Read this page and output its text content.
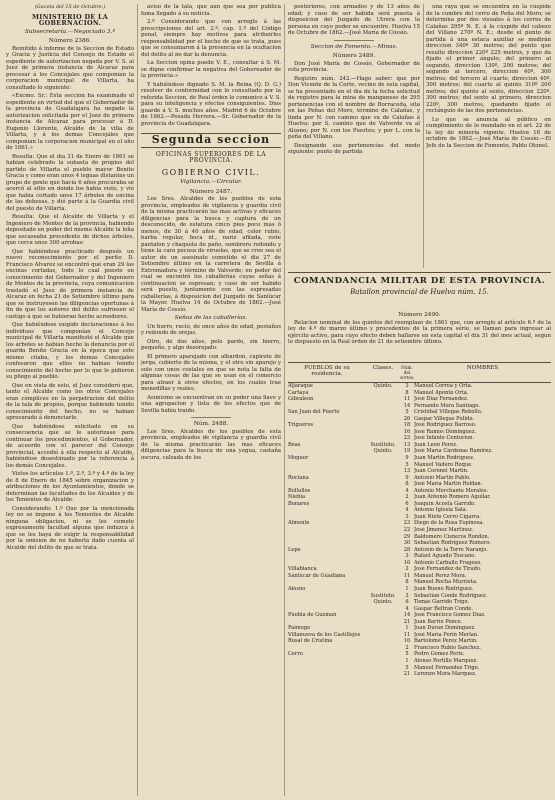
(Gaceta del 15 de Octubre.)
MINISTERIO DE LA GOBERNACION.
Subsecretaría.—Negociado 3.º
Número 2386.

Remitido á informe de la Seccion de Estado y Gracia y Justicia del Consejo de Estado el espediente de autorizacion negada por V. S. al Juez de primera instancia de Alcaraz para procesar á los Concejales que componian la corporacion municipal de Villarta, ha consultado lo siguiente:

«Excmo. Sr.: Esta seccion ha examinado el espediente en virtud del que el Gobernador de la provincia de Guadalajara ha negado la autorizacion solicitada por el Juez de primera instancia de Alcaraz para procesar á D. Eugenio Llorente, Alcalde de la villa de Villarta, y á los demas Concejales que componian la corporacion municipal en el año de 1861.»

Resulta: Que el dia 31 de Enero de 1861 se habian celebrado la subasta de propios del partido de Villarta el pueblo mayor Benito Gracia y como eran unos 4 leguas distantes un grupo de gente que hacia 6 años procuraba se acercó al sitio en donde los habia visto, y vió que habia cortado unos 17 árboles de encina de las dehesas, y dió parte á la Guardia civil del puesto de Villarta.

Resulta: Que el Alcalde de Villarta y el Ingeniero de Montes de la provincia, habiendo depositado en poder del mismo Alcalde la leña que escaseaba procedente de dichos árboles, que cerca unos 300 arrobas:

Que habiéndose practicado después un nuevo reconocimiento por el perito D. Francisco Alvarez se encontró que eran 29 las encinas cortadas, todo lo cual puesto en conocimiento del Gobernador y del Ingeniero de Montes de la provincia, cuya comunicacion trasladó el Juez de primera instancia de Alcaraz en fecha 21 de Setiembre último para que se instruyesen las diligencias oportunas á fin de que los autores del delito sufriesen el castigo á que se hubieran hecho acreedores.

Que habiéndose exigido declaraciones á los individuos que componían el Concejo municipal de Villarta manifestó el Alcalde que los árboles se habian hecho la denuncia por el guarda Benito Gracia en la época que este mismo citaba, y los demas Concejales confesaron que ellos no habian tenido conocimiento del hecho por lo que le pidieron su pliego al pueblo.

Que en vista de esto, el Juez consideró que, tanto el Alcalde como los otros Concejales eran cómplices en la perpetracion del delito de la tala de propios, porque habiendo tenido conocimiento del hecho, no se habian apresurado á denunciarle.

Que habiéndose solicitado en su consecuencia que se le autorizase para continuar los procedimientos, el Gobernador, de acuerdo con el parecer del Consejo provincial, accedió á ella respecto al Alcalde, habiéndose desestimado por la referencia á los demás Concejales.

Vistos los artículos 1.º, 2.º, 3.º y 4.º de la ley de 8 de Enero de 1845 sobre organizacion y atribuciones de los Ayuntamientos, donde se determinan las facultades de los Alcaldes y de los Tenientes de Alcalde.

Considerando: 1.º Que por la mencionada ley no se impone á los Tenientes de Alcalde ninguna obligacion, ni se les comete expresamente facultad alguna que induzca á que se les haya de exigir la responsabilidad por la omision de no haberla dado cuenta al Alcalde del delito de que se trata.

aviso de la tala, que aun que sea por publica fama llegado á su noticia.

2.º Considerando que con arreglo á las prescripciones del art. 2.º, cap. 1.º del Código penal, siempre hay motivos para atribuirles responsabilidad por el hecho de que se trata, pues que se consumaron á la presencia en la ocultacion del delito al no dar la denuncia.

La Seccion opina puede V. E., consultar á S. M. se digne confirmar la negativa del Gobernador de la provincia.»

Y habiéndose dignado S. M. la Reina (Q. D. G.) resolver de conformidad con lo consultado por la referida Seccion, de Real órden lo comunico á V. S. para su inteligencia y efectos consiguientes. Dios guarde á V. S. muchos años. Madrid 6 de Octubre de 1862.—Posada Herrera.—Sr. Gobernador de la provincia de Guadalajara.

Segunda seccion
OFICINAS SUPERIORES DE LA PROVINCIA.
GOBIERNO CIVIL.
Vigilancia.—Circular.
Número 2487.

Los Sres. Alcaldes de los pueblos de esta provincia, empleados de vigilancia y guardia civil de la misma practicarán las mas activas y eficaces diligencias para la busca y captura de un desconocido, de estatura cinco pies poco mas ó menos, de 30 á 40 años de edad, color rubio, barba regular, boca id., nariz afilada, viste pantalon y chaqueta de paño, sombrero redondo y tiene la cara pecosa de viruelas, que se cree sea el autor de un asesinato cometido el dia 27 de Setiembre último en la carretera de Sevilla á Extremadura y término de Valverde; en poder del cual se encontró los caballerías cuyas señas á continuacion se espresan; y caso de ser habido será puesto, juntamente con las espresadas caballerías, á disposicion del Juzgado de Sanlúcar la Mayor. Huelva 14 de Octubre de 1862.—José María de Cossío.

Señas de las caballerías.

Un burro, rucio, de once años de edad, pestaños y redondo de orejas.

Otro, de dos años, pelo pardo, sin hierro, pequeño, y algo desorejado.

El primero aparejado con albardon, capirote de jerga, cubierto de la misma, y el otro sin aparejo y solo con unos costales en que se nota la falta de algunas cosas de las que se usan en el comercio para atraer á otros efectos, en los cuales trae monedillas y reales.

Asimismo se encuentran en su poder una llave y una agrupacion y lista de los efectos que de Sevilla habia traido.

Núm. 2488.

Los Sres. Alcaldes de los pueblos de esta provincia, empleados de vigilancia y guardia civil de la misma practicarán las mas eficaces diligencias para la busca de una yegua, castaña oscura, calzada de los

posteriores, con armados y de 13 años de edad; y caso de ser habida será puesta á disposicion del Juzgado de Utrera con la persona en cuyo poder se encuentre. Huelva 15 de Octubre de 1862.—José María de Cossío.

Seccion de Fomento.—Minas.
Número 2489.

Don José María de Cossío, Gobernador de esta provincia.

Registro núm. 242.—Hago saber: que por Don Vicente de la Corte, vecino de esta capital, se ha presentado en el dia de la fecha solicitud de registro para la mina de manganeso de 295 pertenencias con el nombre de Borraceda, sita en las Peñas del Moro, término de Calañas, y linda por N. con camino que va de Calañas á Huelva; por S. camino que de Valverde va al Alosno; por N. con los Puertos; y por L. con la peña del Villano.

Designando sus pertenencias del modo siguiente: punto de partida

una raya que se encuentra en la cúspide de la cumbre del cerro de Peña del Moro; se determina por dos visuales á los cerros de Calañas 295º N. E. á la cúspide del cabezo del Villano 270º N. E.; desde el punto de partida á una estaca auxiliar se medirán direccion 340º 30 metros; del punto que resulte direccion 220º 225 metros, y que da fijado el primer ángulo; del primero al segundo, direccion 130º, 200 metros; del segundo al tercero, direccion 40º, 300 metros; del tercero al cuarto, direccion 40º, 300 metros; del cuarto al quinto 310º 200 metros; del quinto al sexto, direccion 220º, 300 metros; del sexto al primero, direccion 220º, 300 metros, quedando fijado el rectángulo de las dos pertenencias.

Lo que se anuncia al público en cumplimiento de lo mandado en el art. 22 de la ley de minería vigente. Huelva 16 de octubre de 1862.—José María de Cossío.—El Jefe de la Seccion de Fomento, Pablo Otonel.

COMANDANCIA MILITAR DE ESTA PROVINCIA.
Batallon provincial de Huelva núm. 15.
Número 2490.

Relacion nominal de los quintos del reemplazo de 1861 que, con arreglo al artículo 6.º de la ley de 4.º de marzo último y procedentes de la primera série, se llaman para ingresar al ejército activo, para cuyo efecto deben hallarse en esta capital el dia 31 del mes actual, segun lo dispuesto en la Real órden de 21 de setiembre último.

PUEBLOS de su residencia.
Clases.	Núm. del sorteo.
NOMBRES
Aljaraque	Quinto.	3	Manuel Correa y Orta.
Cartaya	8	Manuel Aponte Orta.
Gibraleon	11 José Diaz Fernandez.
14 Fernando Mora Santiago.
San Juan del Puerto	5	Cristóbal Villegas Rebollo.
26 Gaspar Villegas Pulido.
Trigueros	18 José Rodriguez Barroso.
16 José Ramos Dominguez.
23 José Infante Centurion.
Beas	Sustituto.	13 Juan Leon Perez.
Quinto.	19 José María Cárdenas Ramirez.
Moguer	9	Juan Martin Rodriguez.
5	Manuel Vadero Roque.
13 Juan Coronel Martin.
Rociana	9	Antonio Martin Pablo.
8	José María Martin Roldan.
Bollullos	4	Antonio Merchante Morales.
Niebla	2	Juan Antonio Romero Aguilar.
Bonares	6	Joaquin Acosta Garrido.
4	Antonio Iglesia Sala.
3	Juan Nieto Cerro Cigarra.
Almonte	23 Diego de la Rosa Espinosa.
22 José Jimenez Martinez.
29 Baldomero Cisneros Rondon.
30 Sebastian Rodriguez Romero.
Lepe	28 Antonio de la Torre Naranjo.
3	Rafael Aguado Toscano.
16 Antonio Carballo Fragoso.
Villablanca	2	José Fernandez de Tirado.
Sanlúcar de Guadiana	11 Manuel Perez Mora.
8	Manuel Rocha Murrieta.
Alosno	1	Juan Bueno Rodriguez.
Sustituto.	3	Sebastian Conde Rodriguez.
Quinto.	6	Tomas Garrido Trigo.
4	Gaspar Beltran Conde.
Puebla de Guzman	14 José Francisco Gomez Diaz.
21 Juan Barrio Ponce.
Paimogo	1	Juan Duran Dominguez.
Villanueva de los Castillejos	11 José María Ferin Merlan.
Rosal de Cristina	16 Bartolomé Perez Martin.
2	Francisco Rubio Sanchez.
Cerro	5	Pedro Gomez Periz.
1	Alonso Portillo Marquez.
5	Manuel Fernandez Trigo.
21 Lorenzo Mora Marquez.
